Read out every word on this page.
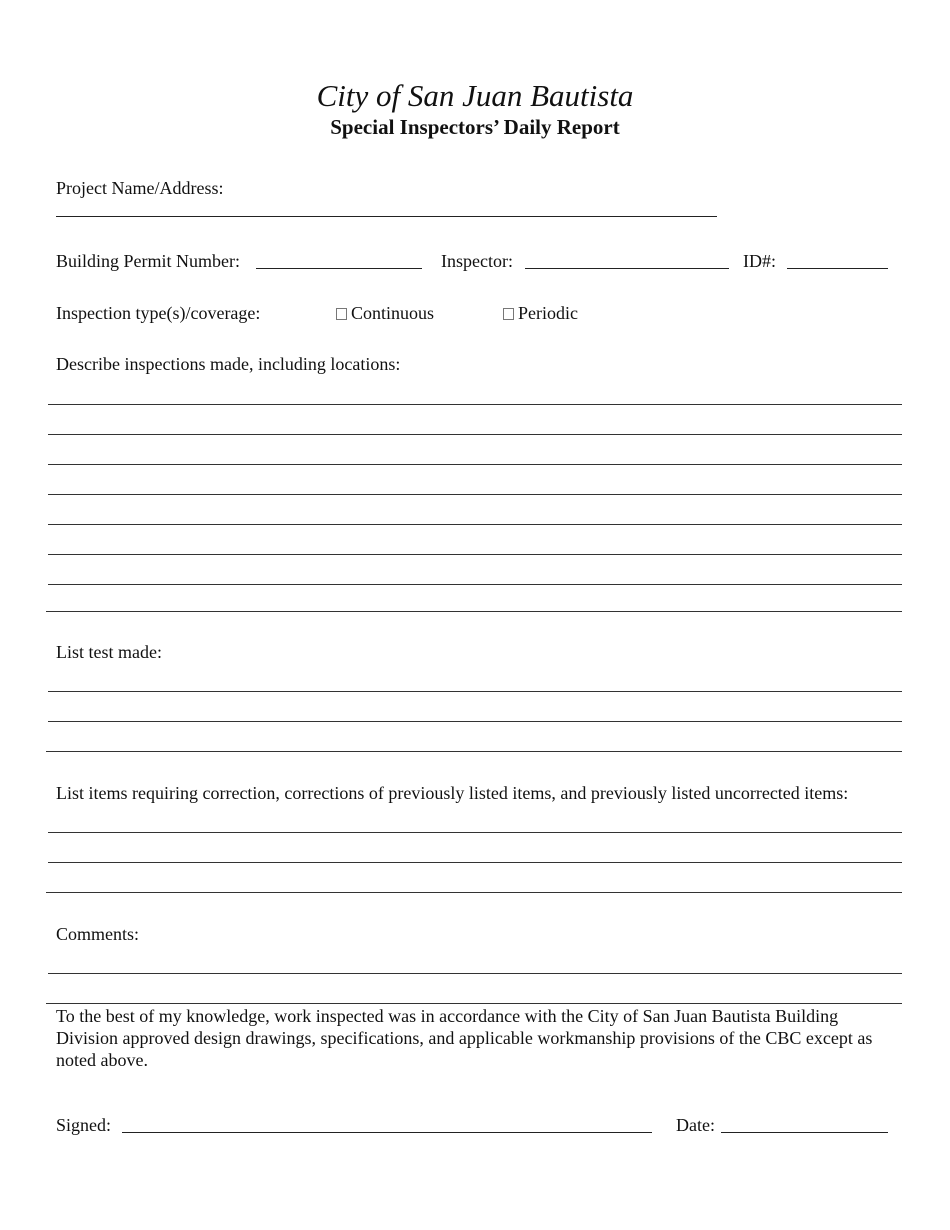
City of San Juan Bautista
Special Inspectors’ Daily Report
Project Name/Address:
Building Permit Number:	Inspector:	ID#:
Inspection type(s)/coverage:	Continuous	Periodic
Describe inspections made, including locations:
List test made:
List items requiring correction, corrections of previously listed items, and previously listed uncorrected items:
Comments:
To the best of my knowledge, work inspected was in accordance with the City of San Juan Bautista Building Division approved design drawings, specifications, and applicable workmanship provisions of the CBC except as noted above.
Signed:	Date:
